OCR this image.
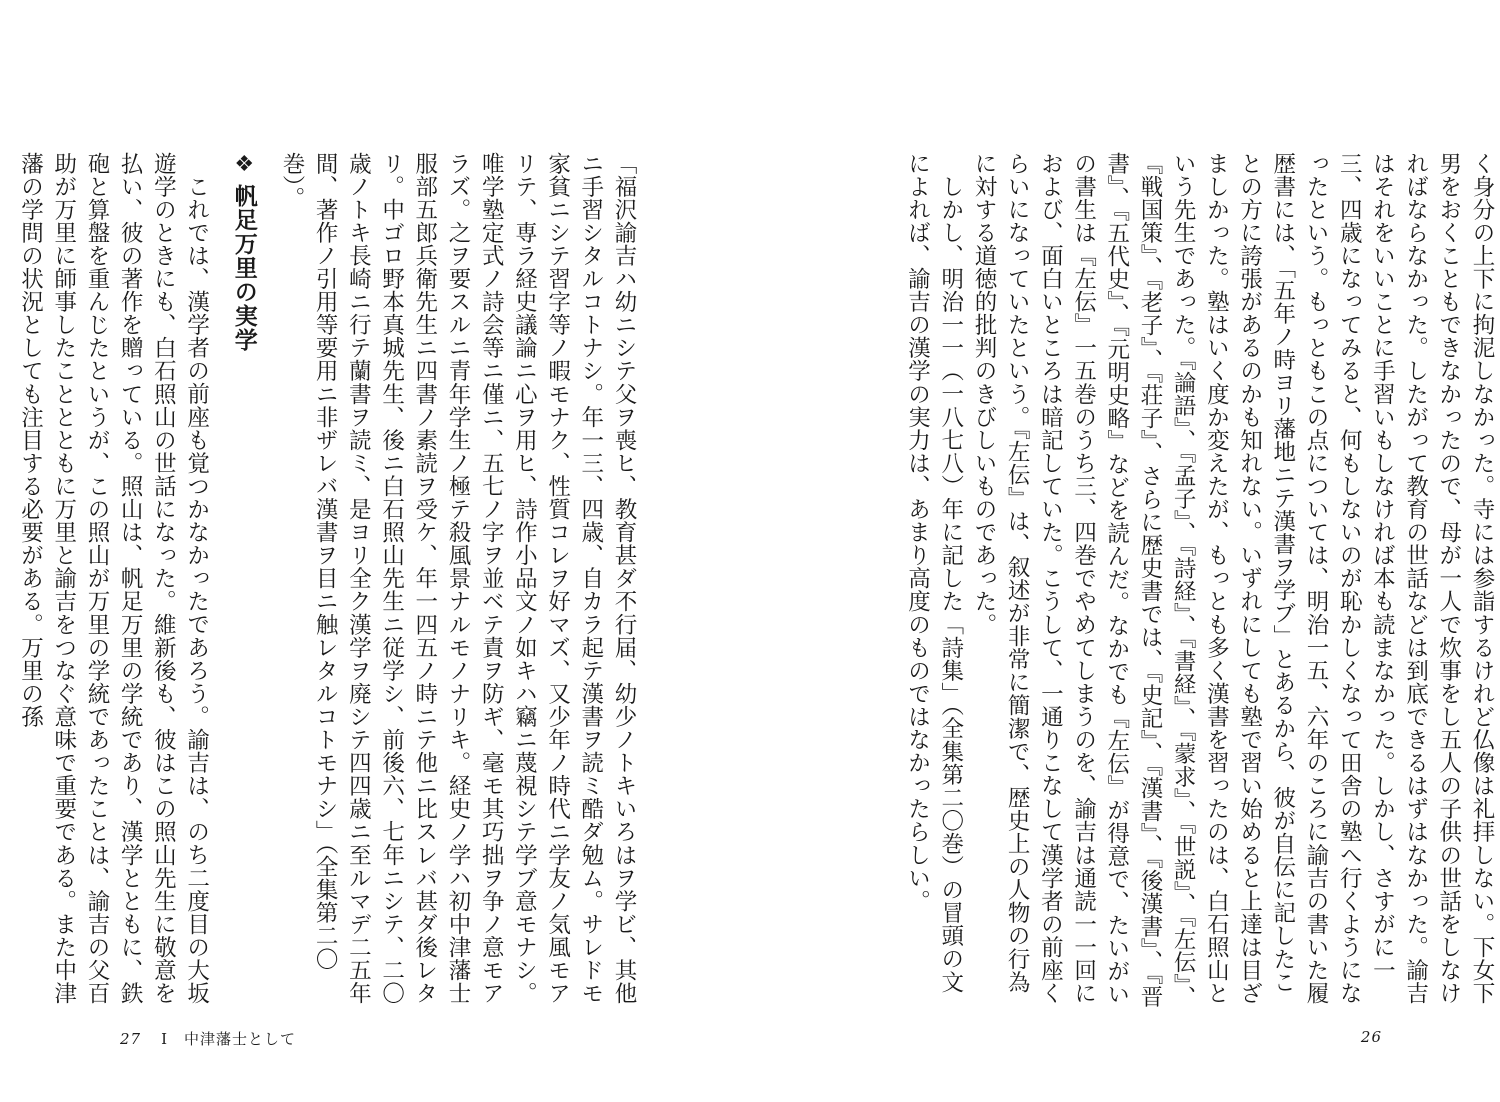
く身分の上下に拘泥しなかった。寺には参詣するけれど仏像は礼拝しない。下女下男をおくこともできなかったので、母が一人で炊事をし五人の子供の世話をしなければならなかった。したがって教育の世話などは到底できるはずはなかった。諭吉はそれをいいことに手習いもしなければ本も読まなかった。しかし、さすがに一三、四歳になってみると、何もしないのが恥かしくなって田舎の塾へ行くようになったという。もっともこの点については、明治一五、六年のころに諭吉の書いた履歴書には、「五年ノ時ヨリ藩地ニテ漢書ヲ学ブ」とあるから、彼が自伝に記したことの方に誇張があるのかも知れない。いずれにしても塾で習い始めると上達は目ざましかった。塾はいく度か変えたが、もっとも多く漢書を習ったのは、白石照山という先生であった。『論語』、『孟子』、『詩経』、『書経』、『蒙求』、『世説』、『左伝』、『戦国策』、『老子』、『荘子』、さらに歴史書では、『史記』、『漢書』、『後漢書』、『晋書』、『五代史』、『元明史略』などを読んだ。なかでも『左伝』が得意で、たいがいの書生は『左伝』一五巻のうち三、四巻でやめてしまうのを、諭吉は通読一一回におよび、面白いところは暗記していた。こうして、一通りこなして漢学者の前座くらいになっていたという。『左伝』は、叙述が非常に簡潔で、歴史上の人物の行為に対する道徳的批判のきびしいものであった。
しかし、明治一一（一八七八）年に記した「詩集」（全集第二〇巻）の冒頭の文によれば、諭吉の漢学の実力は、あまり高度のものではなかったらしい。
26
「福沢諭吉ハ幼ニシテ父ヲ喪ヒ、教育甚ダ不行届、幼少ノトキいろはヲ学ビ、其他ニ手習シタルコトナシ。年一三、四歳、自カラ起テ漢書ヲ読ミ酷ダ勉ム。サレドモ家貧ニシテ習字等ノ暇モナク、性質コレヲ好マズ、又少年ノ時代ニ学友ノ気風モアリテ、専ラ経史議論ニ心ヲ用ヒ、詩作小品文ノ如キハ竊ニ蔑視シテ学ブ意モナシ。唯学塾定式ノ詩会等ニ僅ニ、五七ノ字ヲ並ベテ責ヲ防ギ、毫モ其巧拙ヲ争ノ意モアラズ。之ヲ要スルニ青年学生ノ極テ殺風景ナルモノナリキ。経史ノ学ハ初中津藩士服部五郎兵衛先生ニ四書ノ素読ヲ受ケ、年一四五ノ時ニテ他ニ比スレバ甚ダ後レタリ。中ゴロ野本真城先生、後ニ白石照山先生ニ従学シ、前後六、七年ニシテ、二〇歳ノトキ長崎ニ行テ蘭書ヲ読ミ、是ヨリ全ク漢学ヲ廃シテ四四歳ニ至ルマデ二五年間、著作ノ引用等要用ニ非ザレバ漢書ヲ目ニ触レタルコトモナシ」（全集第二〇巻）。
❖帆足万里の実学
これでは、漢学者の前座も覚つかなかったであろう。諭吉は、のち二度目の大坂遊学のときにも、白石照山の世話になった。維新後も、彼はこの照山先生に敬意を払い、彼の著作を贈っている。照山は、帆足万里の学統であり、漢学とともに、鉄砲と算盤を重んじたというが、この照山が万里の学統であったことは、諭吉の父百助が万里に師事したこととともに万里と諭吉をつなぐ意味で重要である。また中津藩の学問の状況としても注目する必要がある。万里の孫
27 I　中津藩士として
